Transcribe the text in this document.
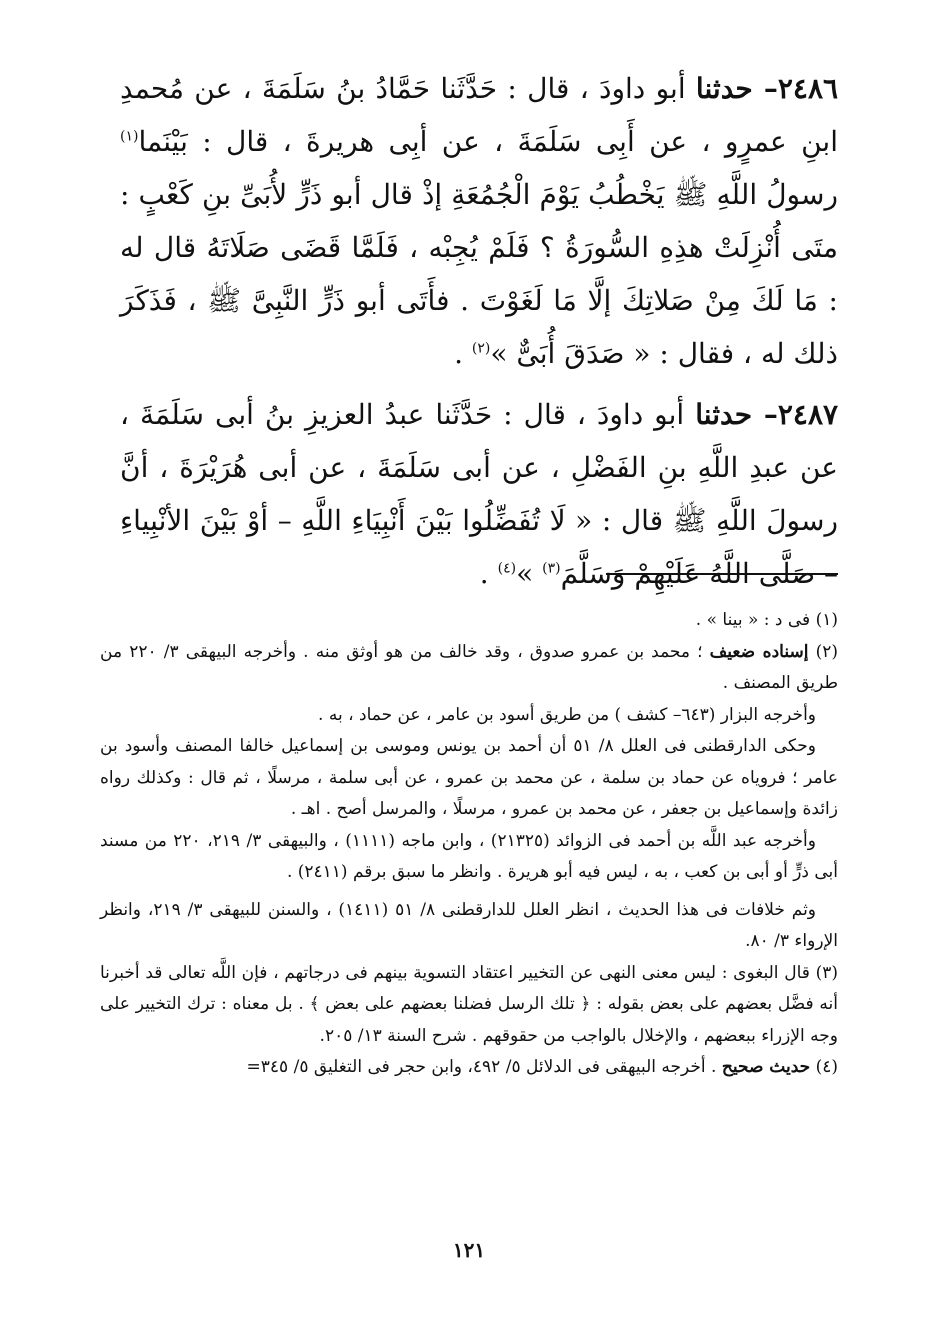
٢٤٨٦– حدثنا أبو داودَ ، قال : حَدَّثَنا حَمَّادُ بنُ سَلَمَةَ ، عن مُحمدِ ابنِ عمرٍو ، عن أَبِى سَلَمَةَ ، عن أبِى هريرةَ ، قال : بَيْنَما$^{(١)}$ رسولُ اللَّهِ ﷺ يَخْطُبُ يَوْمَ الْجُمُعَةِ إذْ قال أبو ذَرٍّ لأُبَىِّ بنِ كَعْبٍ : متَى أُنْزِلَتْ هذِهِ السُّورَةُ ؟ فَلَمْ يُجِبْه ، فَلَمَّا قَضَى صَلَاتَهُ قال له : مَا لَكَ مِنْ صَلاتِكَ إلَّا مَا لَغَوْتَ . فأَتَى أبو ذَرٍّ النَّبِىَّ ﷺ ، فَذَكَرَ ذلك له ، فقال : « صَدَقَ أُبَىٌّ »$^{(٢)}$ .

٢٤٨٧– حدثنا أبو داودَ ، قال : حَدَّثَنا عبدُ العزيزِ بنُ أبى سَلَمَةَ ، عن عبدِ اللَّهِ بنِ الفَضْلِ ، عن أبى سَلَمَةَ ، عن أبى هُرَيْرَةَ ، أنَّ رسولَ اللَّهِ ﷺ قال : « لَا تُفَضِّلُوا بَيْنَ أَنْبِيَاءِ اللَّهِ – أوْ بَيْنَ الأنْبِياءِ – صَلَّى اللَّهُ عَلَيْهِمْ وَسَلَّمَ$^{(٣)}$ »$^{(٤)}$ .

(١) فى د : « بينا » .

(٢) إسناده ضعيف ؛ محمد بن عمرو صدوق ، وقد خالف من هو أوثق منه . وأخرجه البيهقى ٣/ ٢٢٠ من طريق المصنف .

وأخرجه البزار (٦٤٣– كشف ) من طريق أسود بن عامر ، عن حماد ، به .

وحكى الدارقطنى فى العلل ٨/ ٥١ أن أحمد بن يونس وموسى بن إسماعيل خالفا المصنف وأسود بن عامر ؛ فروياه عن حماد بن سلمة ، عن محمد بن عمرو ، عن أبى سلمة ، مرسلًا ، ثم قال : وكذلك رواه زائدة وإسماعيل بن جعفر ، عن محمد بن عمرو ، مرسلًا ، والمرسل أصح . اهـ .

وأخرجه عبد اللَّه بن أحمد فى الزوائد (٢١٣٢٥) ، وابن ماجه (١١١١) ، والبيهقى ٣/ ٢١٩، ٢٢٠ من مسند أبى ذرٍّ أو أبى بن كعب ، به ، ليس فيه أبو هريرة . وانظر ما سبق برقم (٢٤١١) .

وثم خلافات فى هذا الحديث ، انظر العلل للدارقطنى ٨/ ٥١ (١٤١١) ، والسنن للبيهقى ٣/ ٢١٩، وانظر الإرواء ٣/ ٨٠.

(٣) قال البغوى : ليس معنى النهى عن التخيير اعتقاد التسوية بينهم فى درجاتهم ، فإن اللَّه تعالى قد أخبرنا أنه فضَّل بعضهم على بعض بقوله : ﴿ تلك الرسل فضلنا بعضهم على بعض ﴾ . بل معناه : ترك التخيير على وجه الإزراء ببعضهم ، والإخلال بالواجب من حقوقهم . شرح السنة ١٣/ ٢٠٥.

(٤) حديث صحيح . أخرجه البيهقى فى الدلائل ٥/ ٤٩٢، وابن حجر فى التغليق ٥/ ٣٤٥=

١٢١
